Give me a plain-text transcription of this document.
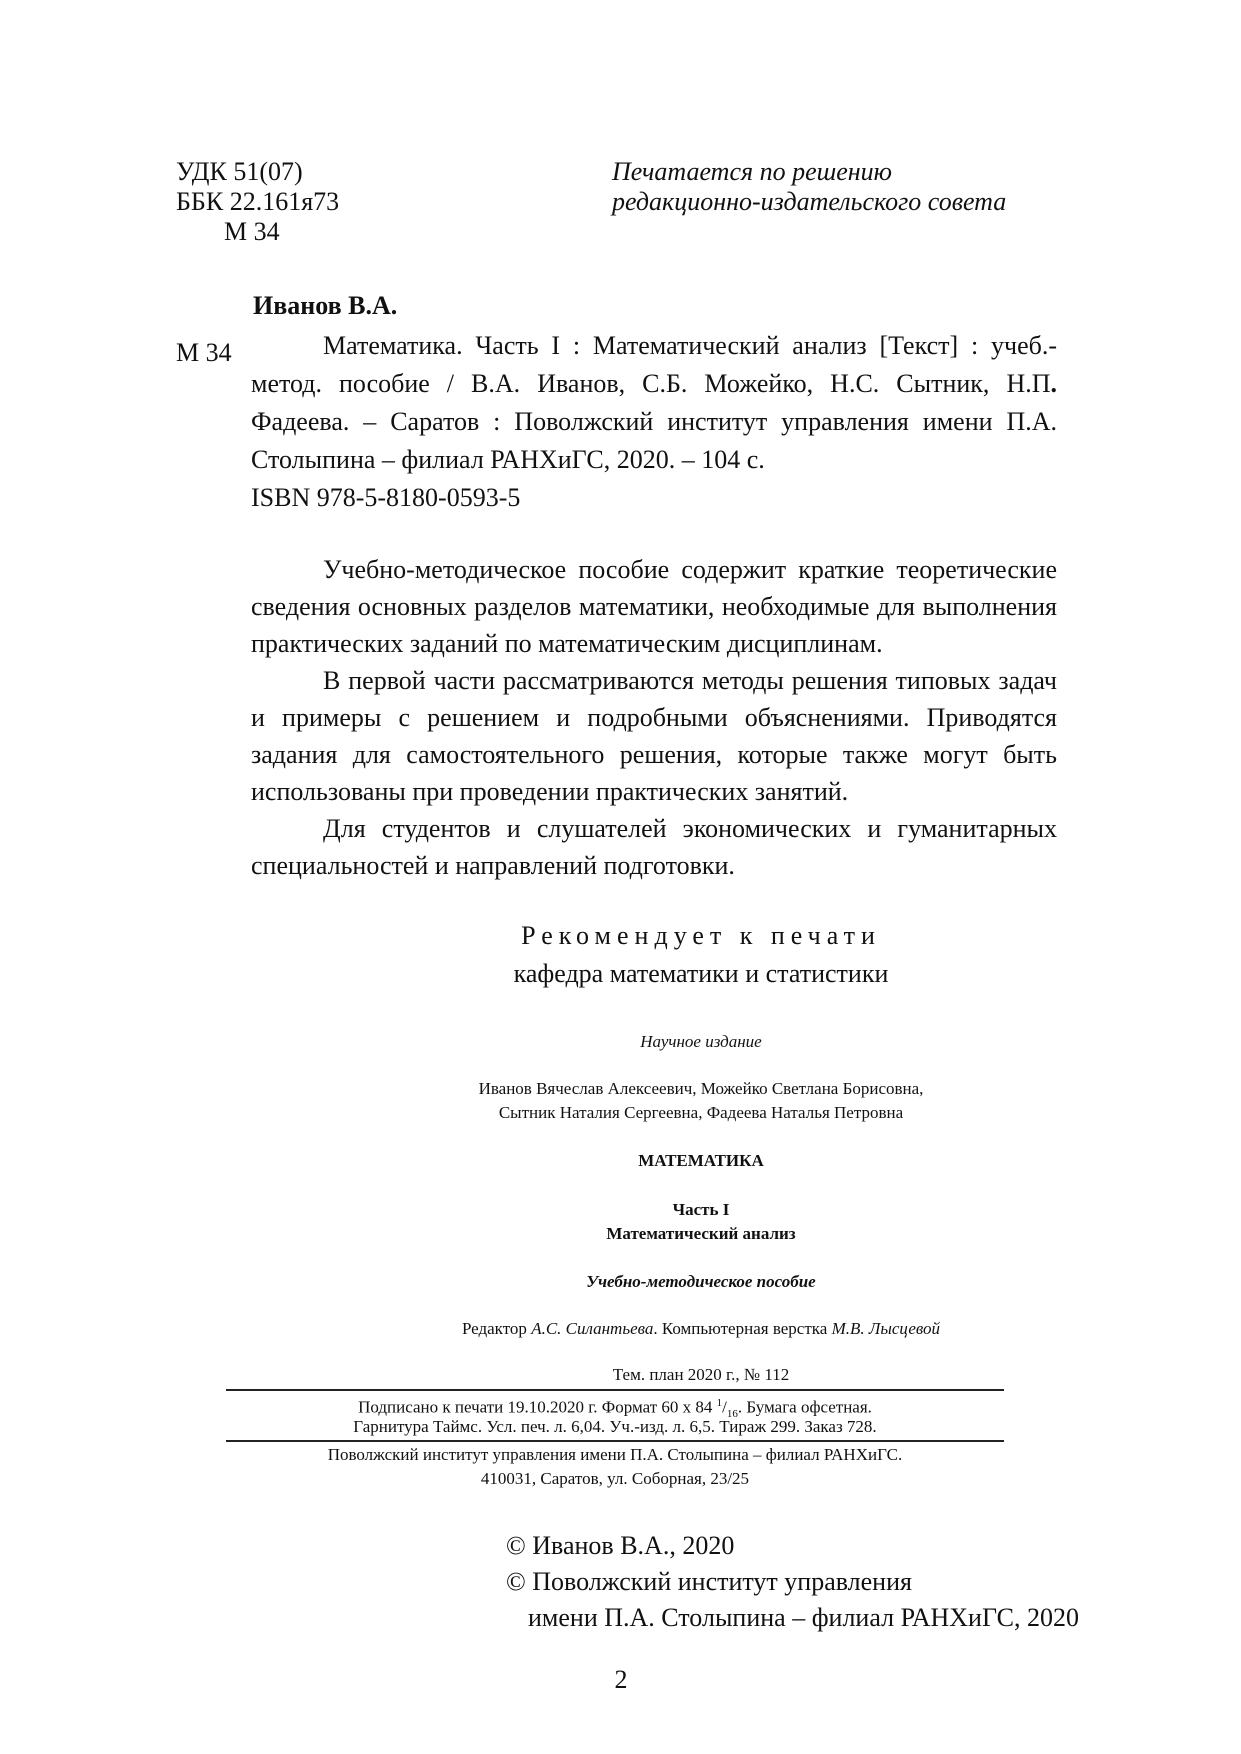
УДК 51(07)
ББК 22.161я73
М 34
Печатается по решению
редакционно-издательского совета
Иванов В.А.
М 34	Математика. Часть I : Математический анализ [Текст] : учеб.-метод. пособие / В.А. Иванов, С.Б. Можейко, Н.С. Сытник, Н.П. Фадеева. – Саратов : Поволжский институт управления имени П.А. Столыпина – филиал РАНХиГС, 2020. – 104 с.
ISBN 978-5-8180-0593-5

Учебно-методическое пособие содержит краткие теоретические сведения основных разделов математики, необходимые для выполнения практических заданий по математическим дисциплинам.

В первой части рассматриваются методы решения типовых задач и примеры с решением и подробными объяснениями. Приводятся задания для самостоятельного решения, которые также могут быть использованы при проведении практических занятий.

Для студентов и слушателей экономических и гуманитарных специальностей и направлений подготовки.

Рекомендует к печати
кафедра математики и статистики
Научное издание
Иванов Вячеслав Алексеевич, Можейко Светлана Борисовна,
Сытник Наталия Сергеевна, Фадеева Наталья Петровна
МАТЕМАТИКА
Часть I
Математический анализ
Учебно-методическое пособие
Редактор А.С. Силантьева. Компьютерная верстка М.В. Лысцевой
Тем. план 2020 г., № 112
Подписано к печати 19.10.2020 г. Формат 60 х 84 $^1/_{16}$. Бумага офсетная.
Гарнитура Таймс. Усл. печ. л. 6,04. Уч.-изд. л. 6,5. Тираж 299. Заказ 728.
Поволжский институт управления имени П.А. Столыпина – филиал РАНХиГС.
410031, Саратов, ул. Соборная, 23/25
© Иванов В.А., 2020
© Поволжский институт управления
имени П.А. Столыпина – филиал РАНХиГС, 2020
2
